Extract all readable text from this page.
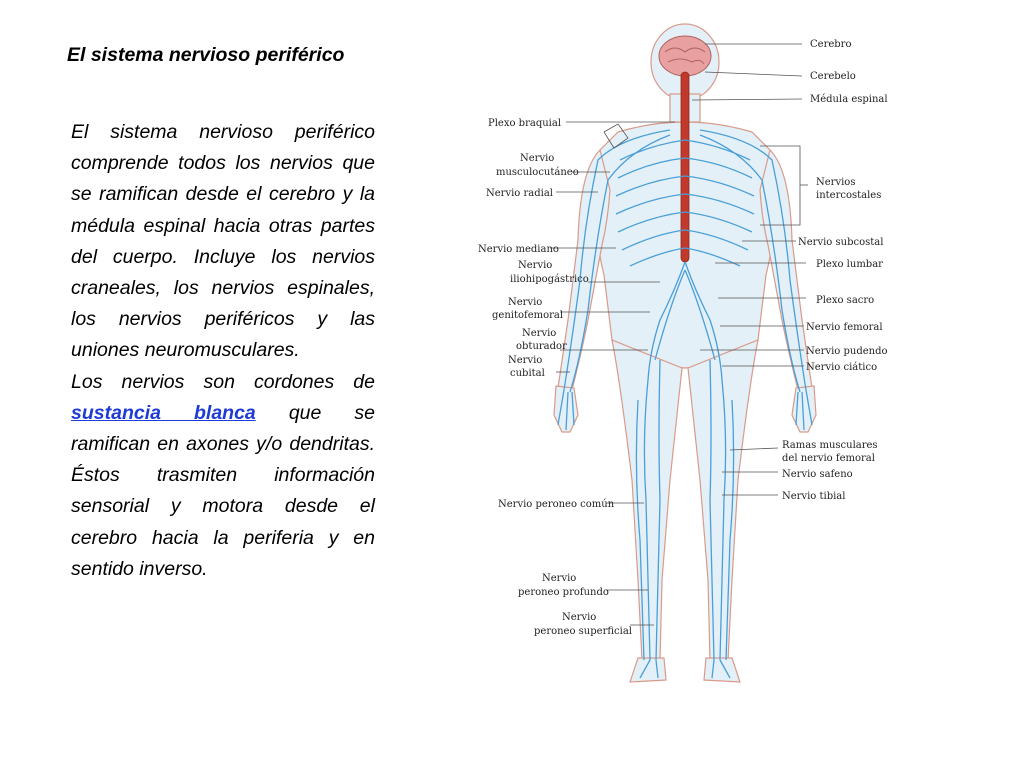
El sistema nervioso periférico

El sistema nervioso periférico comprende todos los nervios que se ramifican desde el cerebro y la médula espinal hacia otras partes del cuerpo. Incluye los nervios craneales, los nervios espinales, los nervios periféricos y las uniones neuromusculares.

Los nervios son cordones de sustancia blanca que se ramifican en axones y/o dendritas. Éstos trasmiten información sensorial y motora desde el cerebro hacia la periferia y en sentido inverso.

Cerebro
Cerebelo
Médula espinal
Nervios
intercostales
Nervio subcostal
Plexo lumbar
Plexo sacro
Nervio femoral
Nervio pudendo
Nervio ciático
Ramas musculares
del nervio femoral
Nervio safeno
Nervio tibial
Plexo braquial
Nervio
musculocutáneo
Nervio radial
Nervio mediano
Nervio
iliohipogástrico
Nervio
genitofemoral
Nervio
obturador
Nervio
cubital
Nervio peroneo común
Nervio
peroneo profundo
Nervio
peroneo superficial
